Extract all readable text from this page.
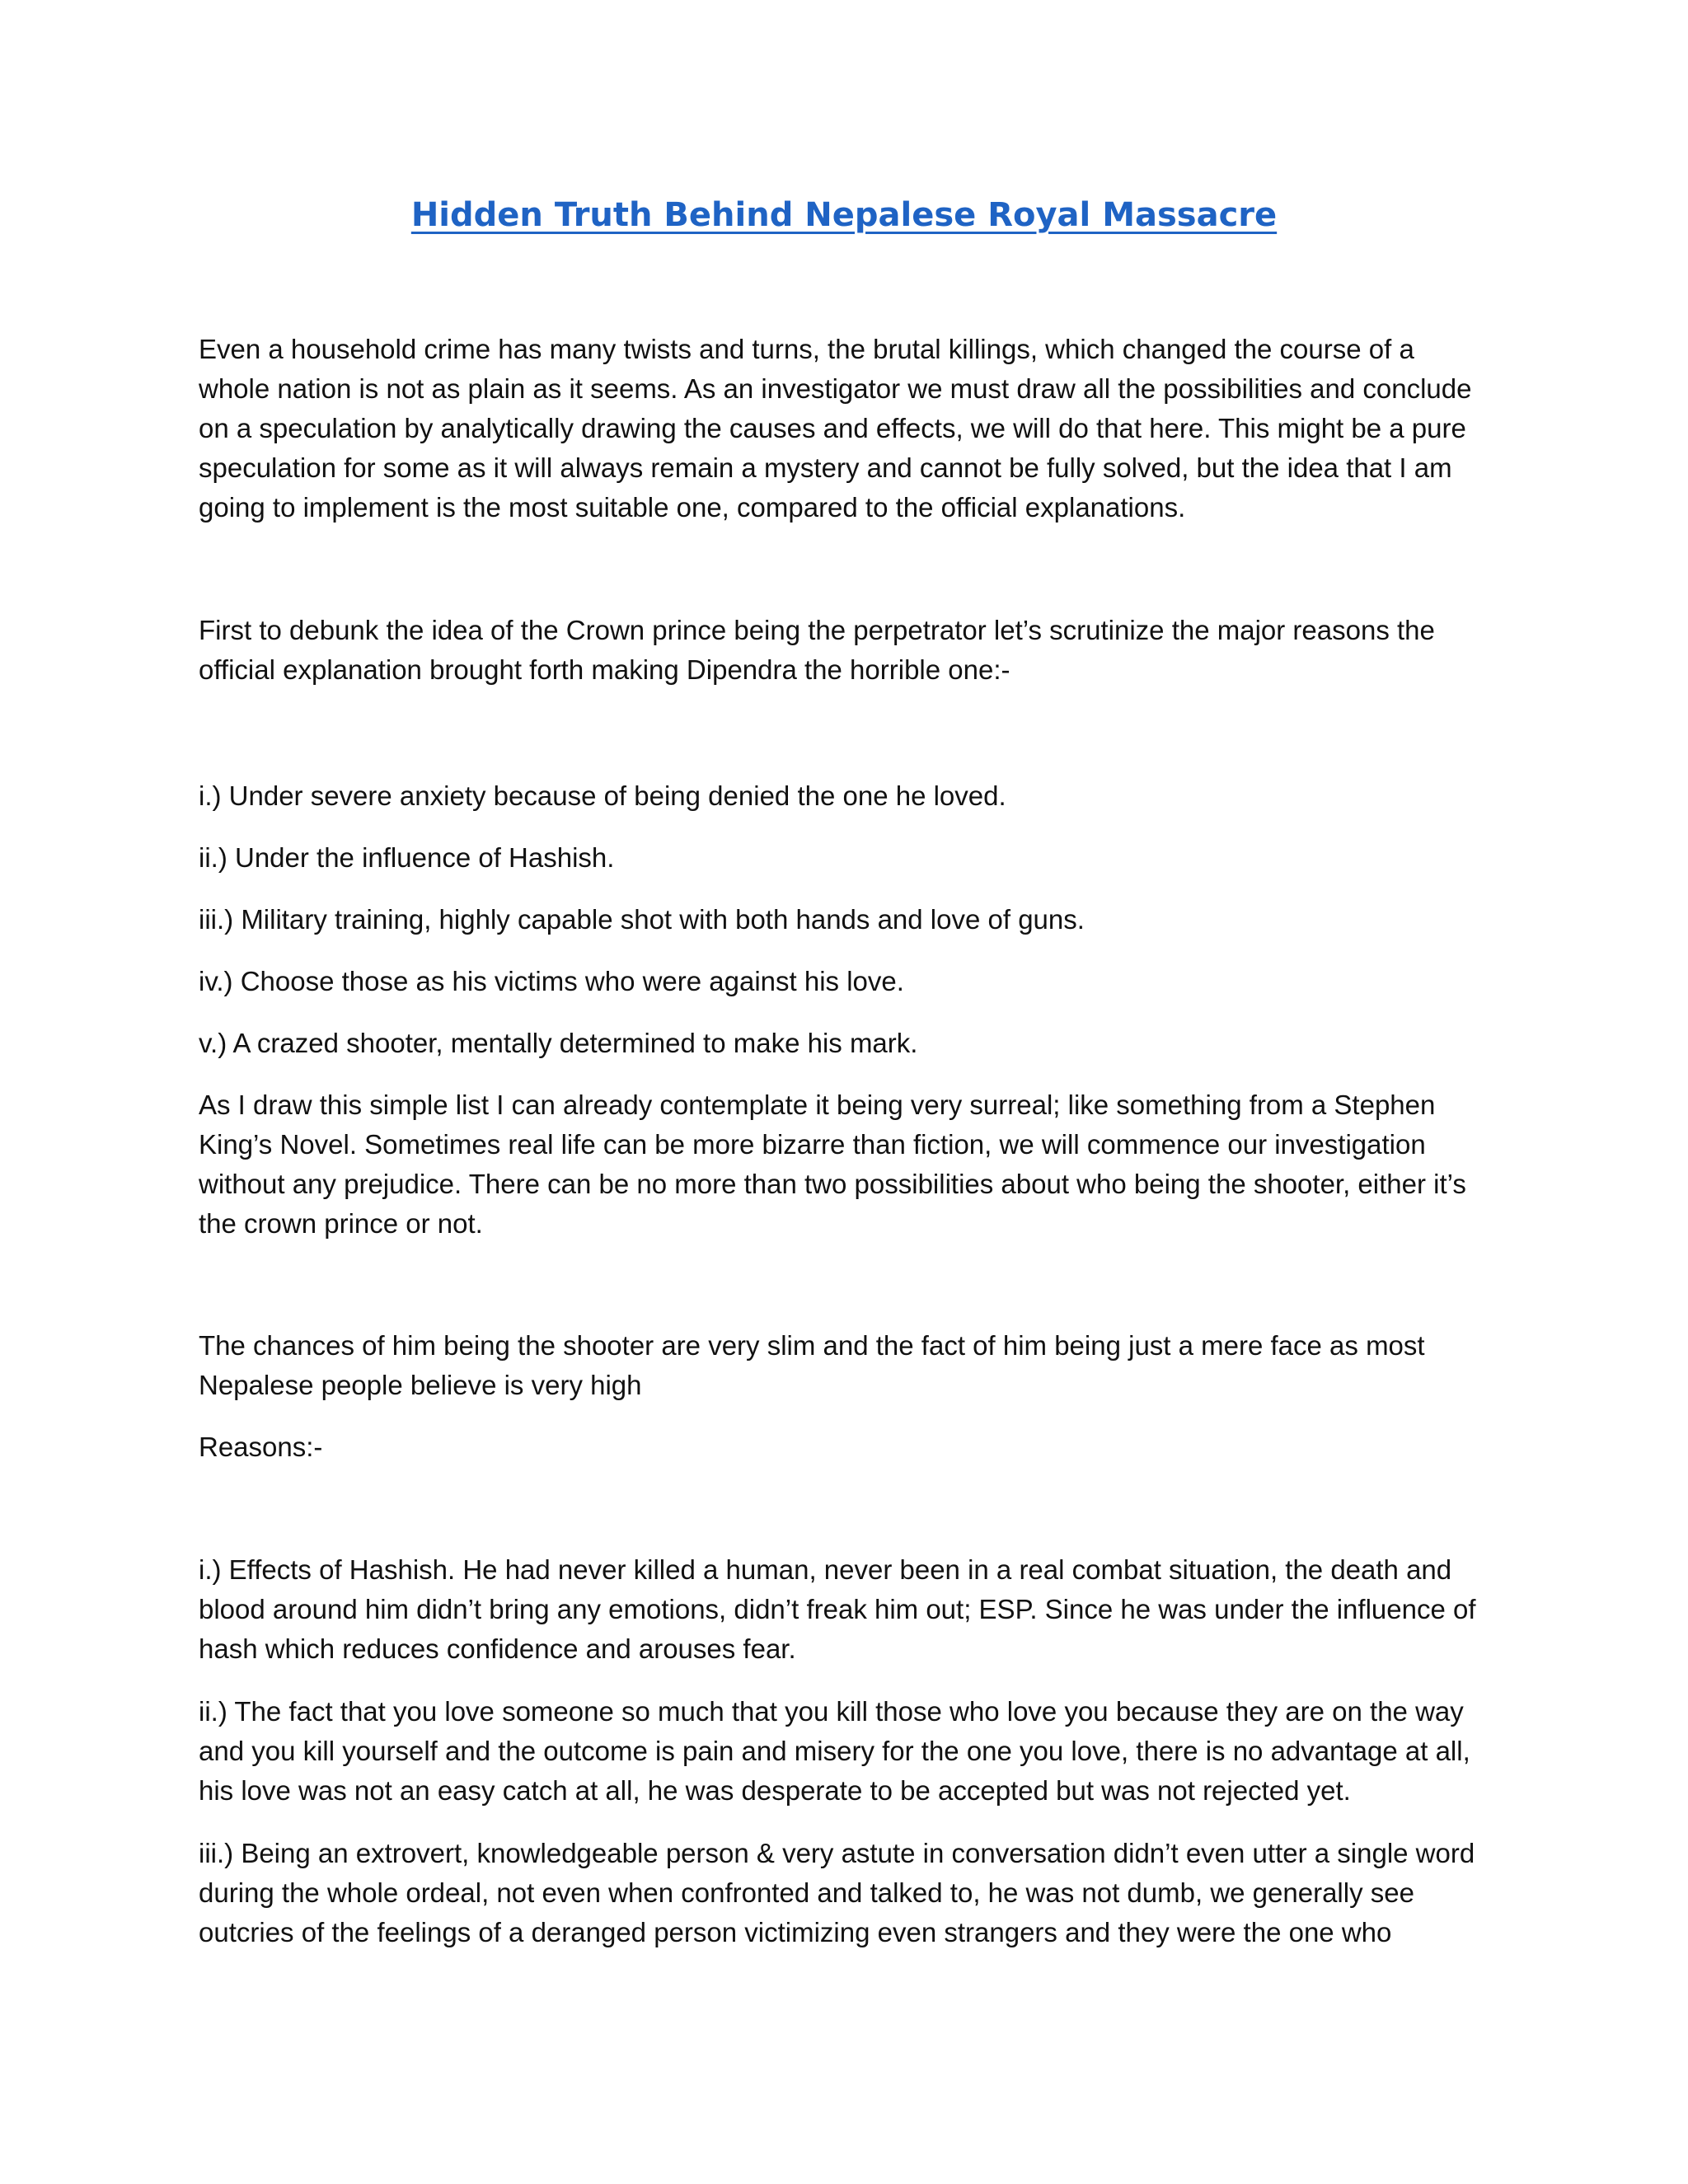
Hidden Truth Behind Nepalese Royal Massacre

Even a household crime has many twists and turns, the brutal killings, which changed the course of a whole nation is not as plain as it seems. As an investigator we must draw all the possibilities and conclude on a speculation by analytically drawing the causes and effects, we will do that here. This might be a pure speculation for some as it will always remain a mystery and cannot be fully solved, but the idea that I am going to implement is the most suitable one, compared to the official explanations.

First to debunk the idea of the Crown prince being the perpetrator let’s scrutinize the major reasons the official explanation brought forth making Dipendra the horrible one:-

i.) Under severe anxiety because of being denied the one he loved.

ii.) Under the influence of Hashish.

iii.) Military training, highly capable shot with both hands and love of guns.

iv.) Choose those as his victims who were against his love.

v.) A crazed shooter, mentally determined to make his mark.

As I draw this simple list I can already contemplate it being very surreal; like something from a Stephen King’s Novel. Sometimes real life can be more bizarre than fiction, we will commence our investigation without any prejudice. There can be no more than two possibilities about who being the shooter, either it’s the crown prince or not.

The chances of him being the shooter are very slim and the fact of him being just a mere face as most Nepalese people believe is very high

Reasons:-

i.) Effects of Hashish. He had never killed a human, never been in a real combat situation, the death and blood around him didn’t bring any emotions, didn’t freak him out; ESP. Since he was under the influence of hash which reduces confidence and arouses fear.

ii.) The fact that you love someone so much that you kill those who love you because they are on the way and you kill yourself and the outcome is pain and misery for the one you love, there is no advantage at all, his love was not an easy catch at all, he was desperate to be accepted but was not rejected yet.

iii.) Being an extrovert, knowledgeable person & very astute in conversation didn’t even utter a single word during the whole ordeal, not even when confronted and talked to, he was not dumb, we generally see outcries of the feelings of a deranged person victimizing even strangers and they were the one who
